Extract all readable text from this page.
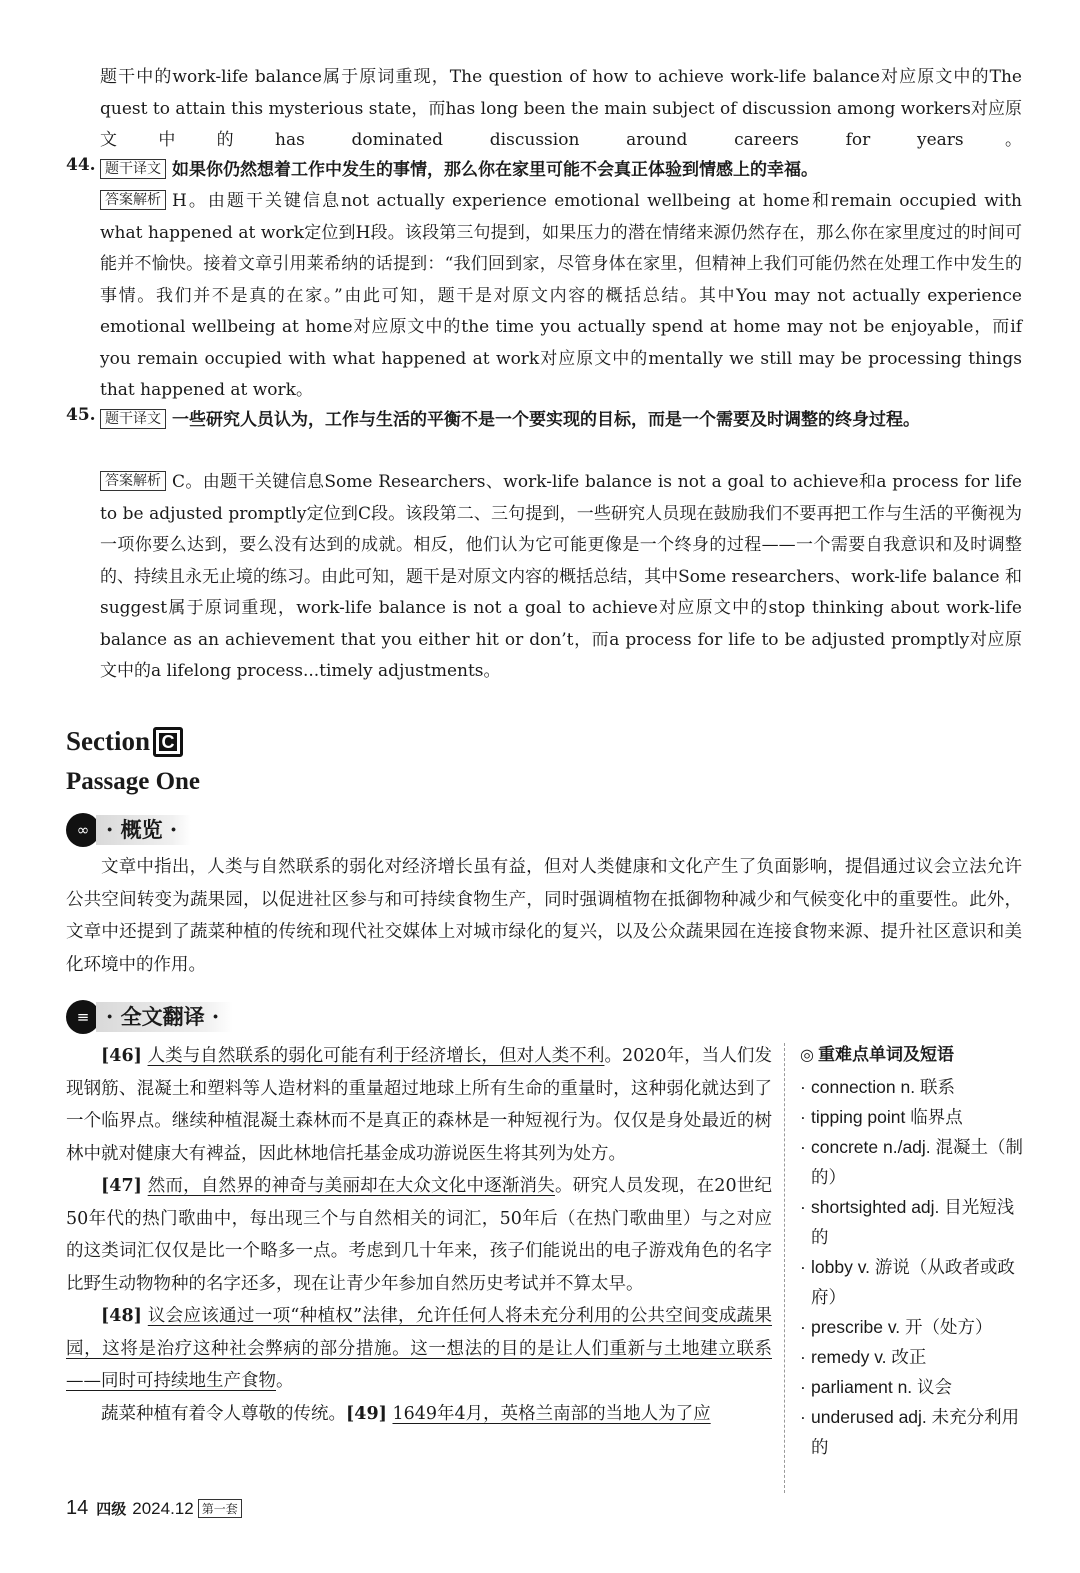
题干中的work-life balance属于原词重现，The question of how to achieve work-life balance对应原文中的The quest to attain this mysterious state，而has long been the main subject of discussion among workers对应原文中的has dominated discussion around careers for years。

44. 题干译文 如果你仍然想着工作中发生的事情，那么你在家里可能不会真正体验到情感上的幸福。

答案解析 H。由题干关键信息not actually experience emotional wellbeing at home和remain occupied with what happened at work定位到H段。该段第三句提到，如果压力的潜在情绪来源仍然存在，那么你在家里度过的时间可能并不愉快。接着文章引用莱希纳的话提到：“我们回到家，尽管身体在家里，但精神上我们可能仍然在处理工作中发生的事情。我们并不是真的在家。”由此可知，题干是对原文内容的概括总结。其中You may not actually experience emotional wellbeing at home对应原文中的the time you actually spend at home may not be enjoyable，而if you remain occupied with what happened at work对应原文中的mentally we still may be processing things that happened at work。

45. 题干译文 一些研究人员认为，工作与生活的平衡不是一个要实现的目标，而是一个需要及时调整的终身过程。

答案解析 C。由题干关键信息Some Researchers、work-life balance is not a goal to achieve和a process for life to be adjusted promptly定位到C段。该段第二、三句提到，一些研究人员现在鼓励我们不要再把工作与生活的平衡视为一项你要么达到，要么没有达到的成就。相反，他们认为它可能更像是一个终身的过程——一个需要自我意识和及时调整的、持续且永无止境的练习。由此可知，题干是对原文内容的概括总结，其中Some researchers、work-life balance 和suggest属于原词重现，work-life balance is not a goal to achieve对应原文中的stop thinking about work-life balance as an achievement that you either hit or don’t，而a process for life to be adjusted promptly对应原文中的a lifelong process...timely adjustments。

Section C
Passage One
∞ · 概览 ·

文章中指出，人类与自然联系的弱化对经济增长虽有益，但对人类健康和文化产生了负面影响，提倡通过议会立法允许公共空间转变为蔬果园，以促进社区参与和可持续食物生产，同时强调植物在抵御物种减少和气候变化中的重要性。此外，文章中还提到了蔬菜种植的传统和现代社交媒体上对城市绿化的复兴，以及公众蔬果园在连接食物来源、提升社区意识和美化环境中的作用。

≡ · 全文翻译 ·

[46] 人类与自然联系的弱化可能有利于经济增长，但对人类不利。2020年，当人们发现钢筋、混凝土和塑料等人造材料的重量超过地球上所有生命的重量时，这种弱化就达到了一个临界点。继续种植混凝土森林而不是真正的森林是一种短视行为。仅仅是身处最近的树林中就对健康大有裨益，因此林地信托基金成功游说医生将其列为处方。

[47] 然而，自然界的神奇与美丽却在大众文化中逐渐消失。研究人员发现，在20世纪50年代的热门歌曲中，每出现三个与自然相关的词汇，50年后（在热门歌曲里）与之对应的这类词汇仅仅是比一个略多一点。考虑到几十年来，孩子们能说出的电子游戏角色的名字比野生动物物种的名字还多，现在让青少年参加自然历史考试并不算太早。

[48] 议会应该通过一项“种植权”法律，允许任何人将未充分利用的公共空间变成蔬果园，这将是治疗这种社会弊病的部分措施。这一想法的目的是让人们重新与土地建立联系——同时可持续地生产食物。

蔬菜种植有着令人尊敬的传统。[49] 1649年4月，英格兰南部的当地人为了应

◎ 重难点单词及短语
· connection n. 联系
· tipping point 临界点
· concrete n./adj. 混凝土（制的）
· shortsighted adj. 目光短浅的
· lobby v. 游说（从政者或政府）
· prescribe v. 开（处方）
· remedy v. 改正
· parliament n. 议会
· underused adj. 未充分利用的
14 四级 2024.12 第一套
